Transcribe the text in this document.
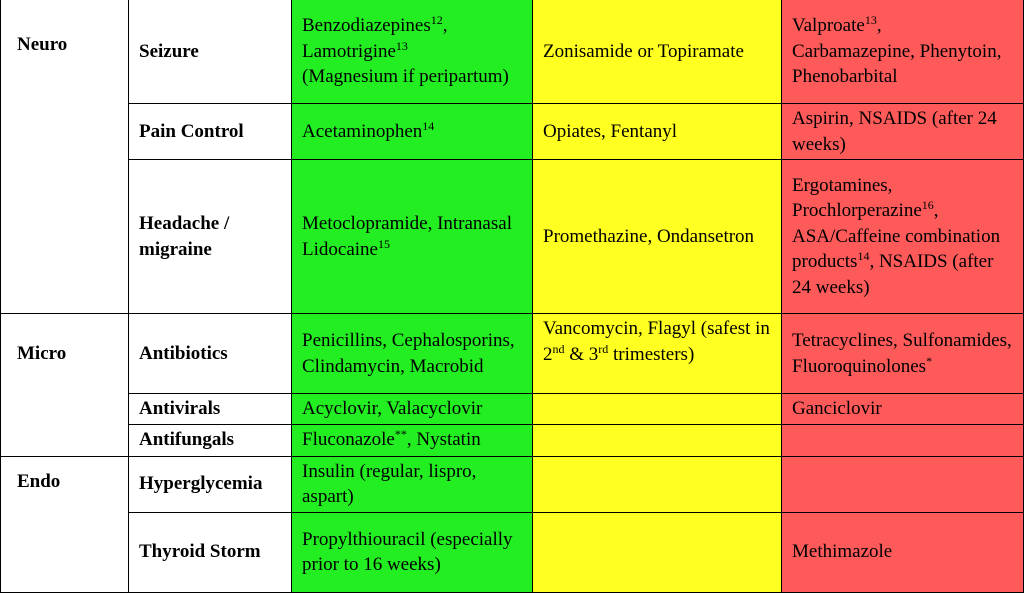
Neuro	Seizure	Benzodiazepines$^{12}$,
Lamotrigine$^{13}$
(Magnesium if peripartum)	Zonisamide or Topiramate	Valproate$^{13}$,
Carbamazepine, Phenytoin, Phenobarbital
	Pain Control	Acetaminophen$^{14}$	Opiates, Fentanyl	Aspirin, NSAIDS (after 24 weeks)
	Headache / migraine	Metoclopramide, Intranasal Lidocaine$^{15}$	Promethazine, Ondansetron	Ergotamines, Prochlorperazine$^{16}$, ASA/Caffeine combination products$^{14}$, NSAIDS (after 24 weeks)
Micro	Antibiotics	Penicillins, Cephalosporins, Clindamycin, Macrobid	Vancomycin, Flagyl (safest in 2nd & 3rd trimesters)	Tetracyclines, Sulfonamides, Fluoroquinolones*
	Antivirals	Acyclovir, Valacyclovir		Ganciclovir
	Antifungals	Fluconazole**, Nystatin		
Endo	Hyperglycemia	Insulin (regular, lispro, aspart)		
	Thyroid Storm	Propylthiouracil (especially prior to 16 weeks)		Methimazole
